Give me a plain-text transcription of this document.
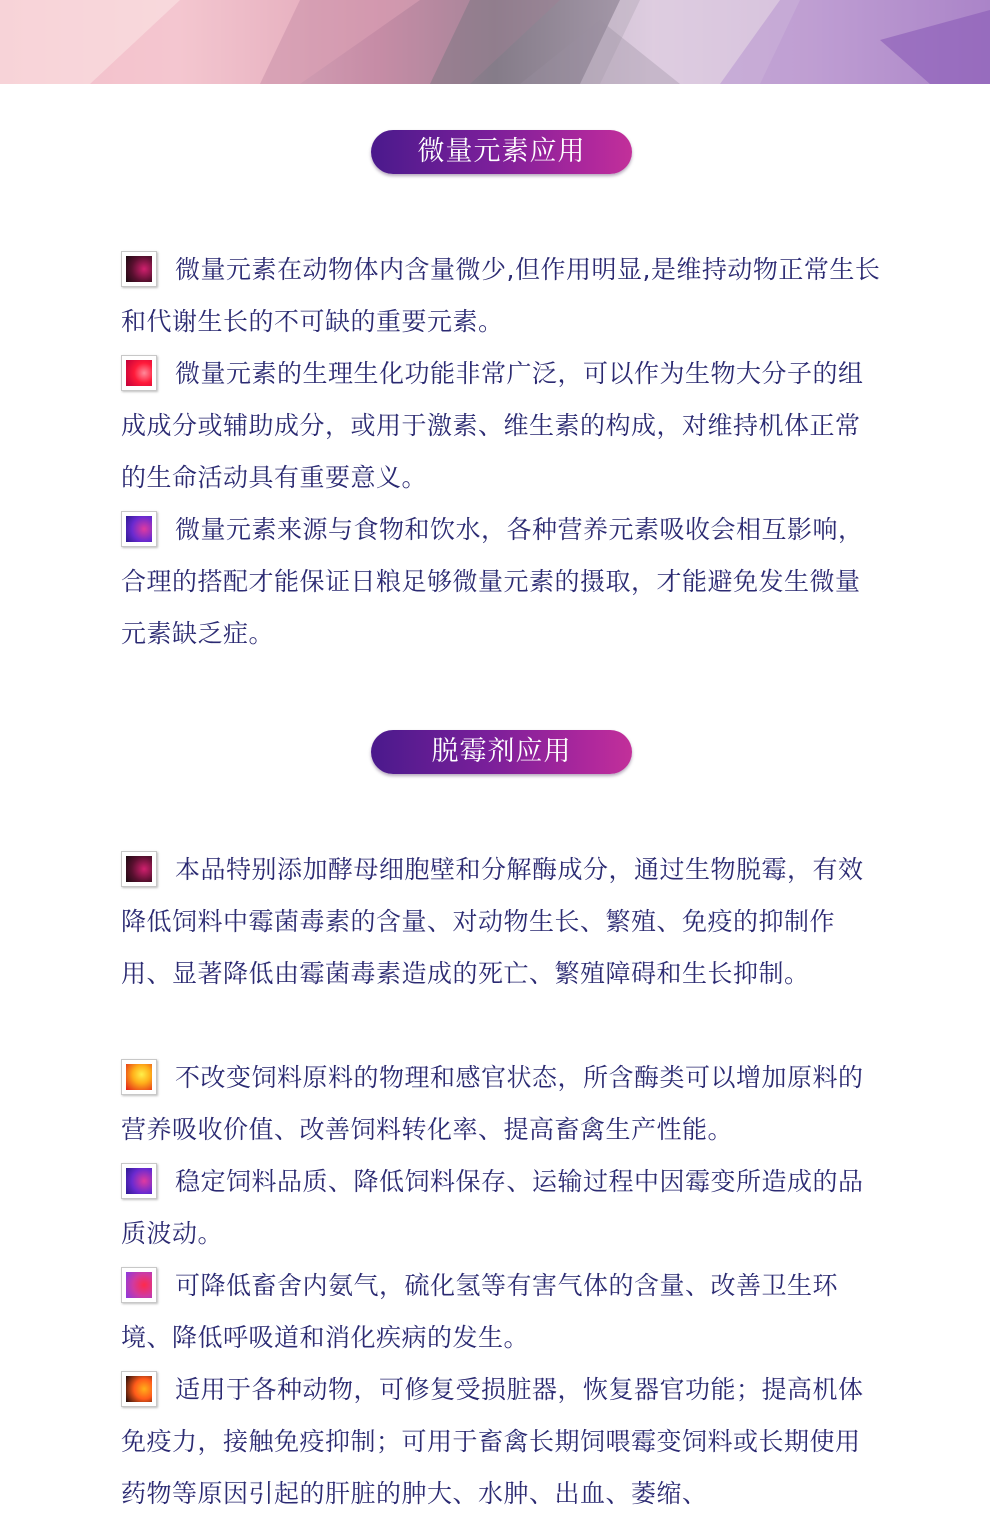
微量元素应用
微量元素在动物体内含量微少,但作用明显,是维持动物正常生长和代谢生长的不可缺的重要元素。
微量元素的生理生化功能非常广泛，可以作为生物大分子的组成成分或辅助成分，或用于激素、维生素的构成，对维持机体正常的生命活动具有重要意义。
微量元素来源与食物和饮水，各种营养元素吸收会相互影响，合理的搭配才能保证日粮足够微量元素的摄取，才能避免发生微量元素缺乏症。
脱霉剂应用
本品特别添加酵母细胞壁和分解酶成分，通过生物脱霉，有效降低饲料中霉菌毒素的含量、对动物生长、繁殖、免疫的抑制作用、显著降低由霉菌毒素造成的死亡、繁殖障碍和生长抑制。
不改变饲料原料的物理和感官状态，所含酶类可以增加原料的营养吸收价值、改善饲料转化率、提高畜禽生产性能。
稳定饲料品质、降低饲料保存、运输过程中因霉变所造成的品质波动。
可降低畜舍内氨气，硫化氢等有害气体的含量、改善卫生环境、降低呼吸道和消化疾病的发生。
适用于各种动物，可修复受损脏器，恢复器官功能；提高机体免疫力，接触免疫抑制；可用于畜禽长期饲喂霉变饲料或长期使用药物等原因引起的肝脏的肿大、水肿、出血、萎缩、
